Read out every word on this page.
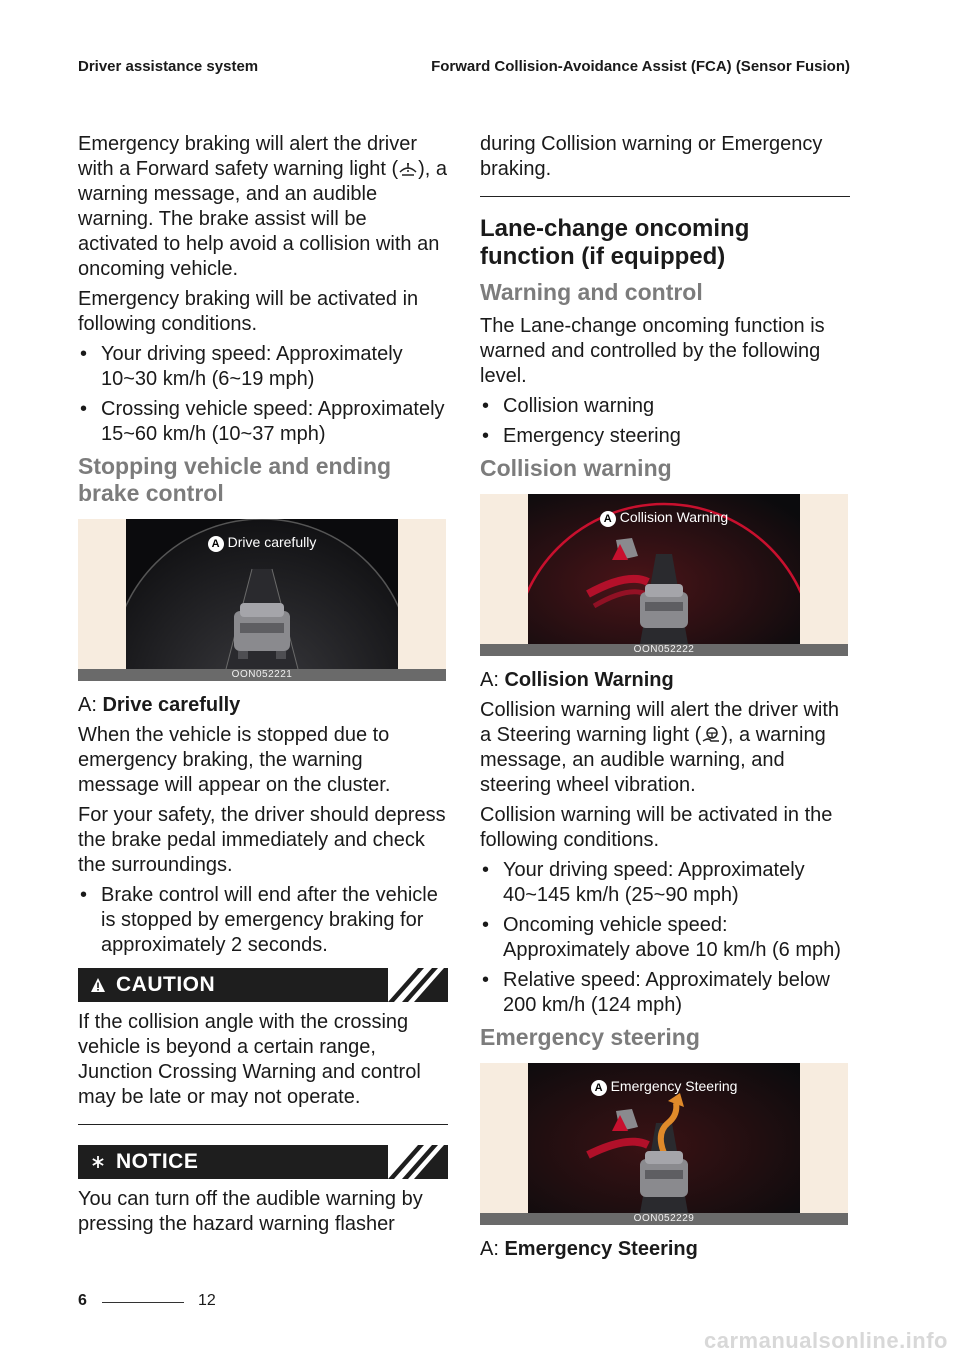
Driver assistance system	Forward Collision-Avoidance Assist (FCA) (Sensor Fusion)

Emergency braking will alert the driver with a Forward safety warning light ( ), a warning message, and an audible warning. The brake assist will be activated to help avoid a collision with an oncoming vehicle.

Emergency braking will be activated in following conditions.

• Your driving speed: Approximately 10~30 km/h (6~19 mph)
• Crossing vehicle speed: Approximately 15~60 km/h (10~37 mph)
Stopping vehicle and ending brake control
A Drive carefully
OON052221

A: Drive carefully

When the vehicle is stopped due to emergency braking, the warning message will appear on the cluster.

For your safety, the driver should depress the brake pedal immediately and check the surroundings.

• Brake control will end after the vehicle is stopped by emergency braking for approximately 2 seconds.
CAUTION

If the collision angle with the crossing vehicle is beyond a certain range, Junction Crossing Warning and control may be late or may not operate.

NOTICE

You can turn off the audible warning by pressing the hazard warning flasher

during Collision warning or Emergency braking.

Lane-change oncoming function (if equipped)
Warning and control

The Lane-change oncoming function is warned and controlled by the following level.

• Collision warning
• Emergency steering
Collision warning
A Collision Warning
OON052222

A: Collision Warning

Collision warning will alert the driver with a Steering warning light ( ), a warning message, an audible warning, and steering wheel vibration.

Collision warning will be activated in the following conditions.

• Your driving speed: Approximately 40~145 km/h (25~90 mph)
• Oncoming vehicle speed: Approximately above 10 km/h (6 mph)
• Relative speed: Approximately below 200 km/h (124 mph)
Emergency steering
A Emergency Steering
OON052229

A: Emergency Steering

6	12
carmanualsonline.info
